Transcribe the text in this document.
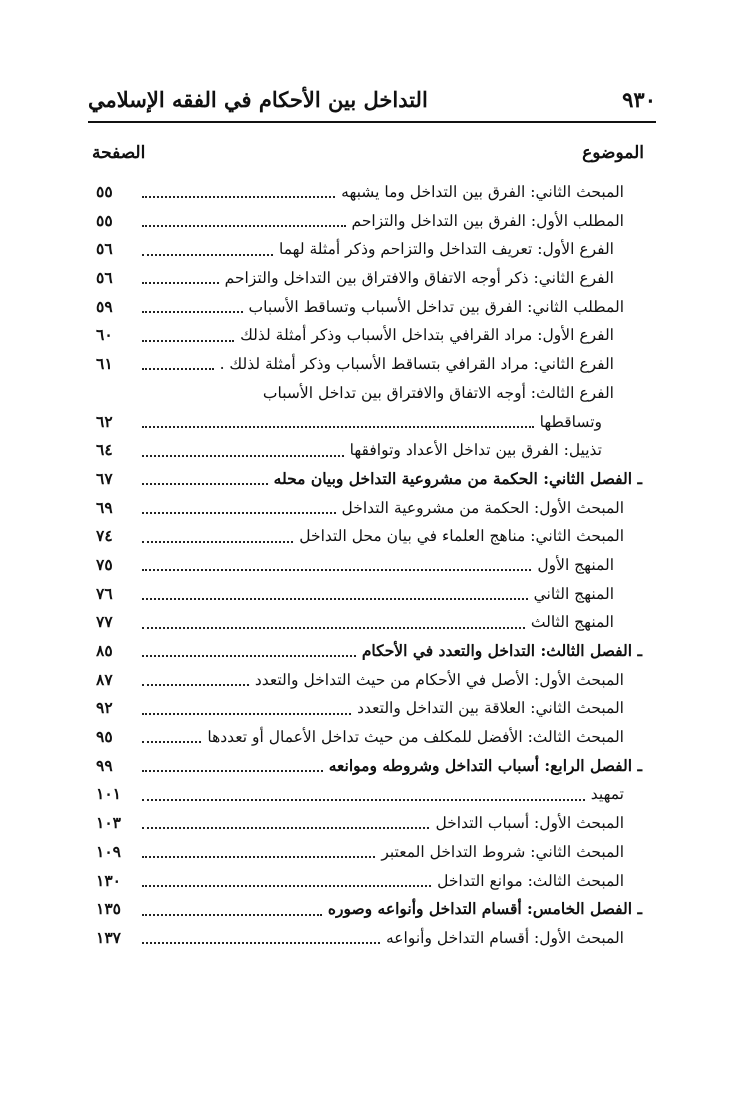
٩٣٠
التداخل بين الأحكام في الفقه الإسلامي
الموضوع
الصفحة
المبحث الثاني: الفرق بين التداخل وما يشبهه
٥٥
المطلب الأول: الفرق بين التداخل والتزاحم
٥٥
الفرع الأول: تعريف التداخل والتزاحم وذكر أمثلة لهما
٥٦
الفرع الثاني: ذكر أوجه الاتفاق والافتراق بين التداخل والتزاحم
٥٦
المطلب الثاني: الفرق بين تداخل الأسباب وتساقط الأسباب
٥٩
الفرع الأول: مراد القرافي بتداخل الأسباب وذكر أمثلة لذلك
٦٠
الفرع الثاني: مراد القرافي بتساقط الأسباب وذكر أمثلة لذلك .
٦١
الفرع الثالث: أوجه الاتفاق والافتراق بين تداخل الأسباب
وتساقطها
٦٢
تذييل: الفرق بين تداخل الأعداد وتوافقها
٦٤
ـ الفصل الثاني: الحكمة من مشروعية التداخل وبيان محله
٦٧
المبحث الأول: الحكمة من مشروعية التداخل
٦٩
المبحث الثاني: مناهج العلماء في بيان محل التداخل
٧٤
المنهج الأول
٧٥
المنهج الثاني
٧٦
المنهج الثالث
٧٧
ـ الفصل الثالث: التداخل والتعدد في الأحكام
٨٥
المبحث الأول: الأصل في الأحكام من حيث التداخل والتعدد
٨٧
المبحث الثاني: العلاقة بين التداخل والتعدد
٩٢
المبحث الثالث: الأفضل للمكلف من حيث تداخل الأعمال أو تعددها
٩٥
ـ الفصل الرابع: أسباب التداخل وشروطه وموانعه
٩٩
تمهيد
١٠١
المبحث الأول: أسباب التداخل
١٠٣
المبحث الثاني: شروط التداخل المعتبر
١٠٩
المبحث الثالث: موانع التداخل
١٣٠
ـ الفصل الخامس: أقسام التداخل وأنواعه وصوره
١٣٥
المبحث الأول: أقسام التداخل وأنواعه
١٣٧
